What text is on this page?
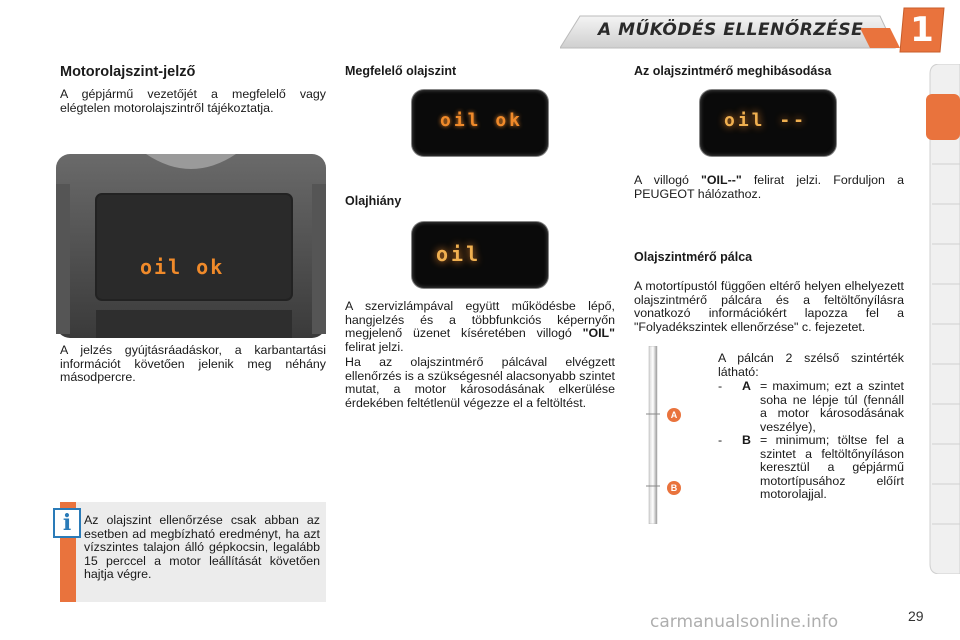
A MŰKÖDÉS ELLENŐRZÉSE 1
Motorolajszint-jelző

A gépjármű vezetőjét a megfelelő vagy elégtelen motorolajszintről tájékoztatja.

oil ok

A jelzés gyújtásráadáskor, a karbantartási információt követően jelenik meg néhány másodpercre.

i	Az olajszint ellenőrzése csak abban az esetben ad megbízható eredményt, ha azt vízszintes talajon álló gépkocsin, legalább 15 perccel a motor leállítását követően hajtja végre.

Megfelelő olajszint
oil ok
Olajhiány
oil

A szervizlámpával együtt működésbe lépő, hangjelzés és a többfunkciós képernyőn megjelenő üzenet kíséretében villogó "OIL" felirat jelzi.

Ha az olajszintmérő pálcával elvégzett ellenőrzés is a szükségesnél alacsonyabb szintet mutat, a motor károsodásának elkerülése érdekében feltétlenül végezze el a feltöltést.

Az olajszintmérő meghibásodása
oil --

A villogó "OIL--" felirat jelzi. Forduljon a PEUGEOT hálózathoz.

Olajszintmérő pálca

A motortípustól függően eltérő helyen elhelyezett olajszintmérő pálcára és a feltöltőnyílásra vonatkozó információkért lapozza fel a "Folyadékszintek ellenőrzése" c. fejezetet.

A
B

A pálcán 2 szélső szintérték látható:

- A = maximum; ezt a szintet soha ne lépje túl (fennáll a motor károsodásának veszélye),

- B = minimum; töltse fel a szintet a feltöltőnyíláson keresztül a gépjármű motortípusához előírt motorolajjal.

carmanualsonline.info	29
